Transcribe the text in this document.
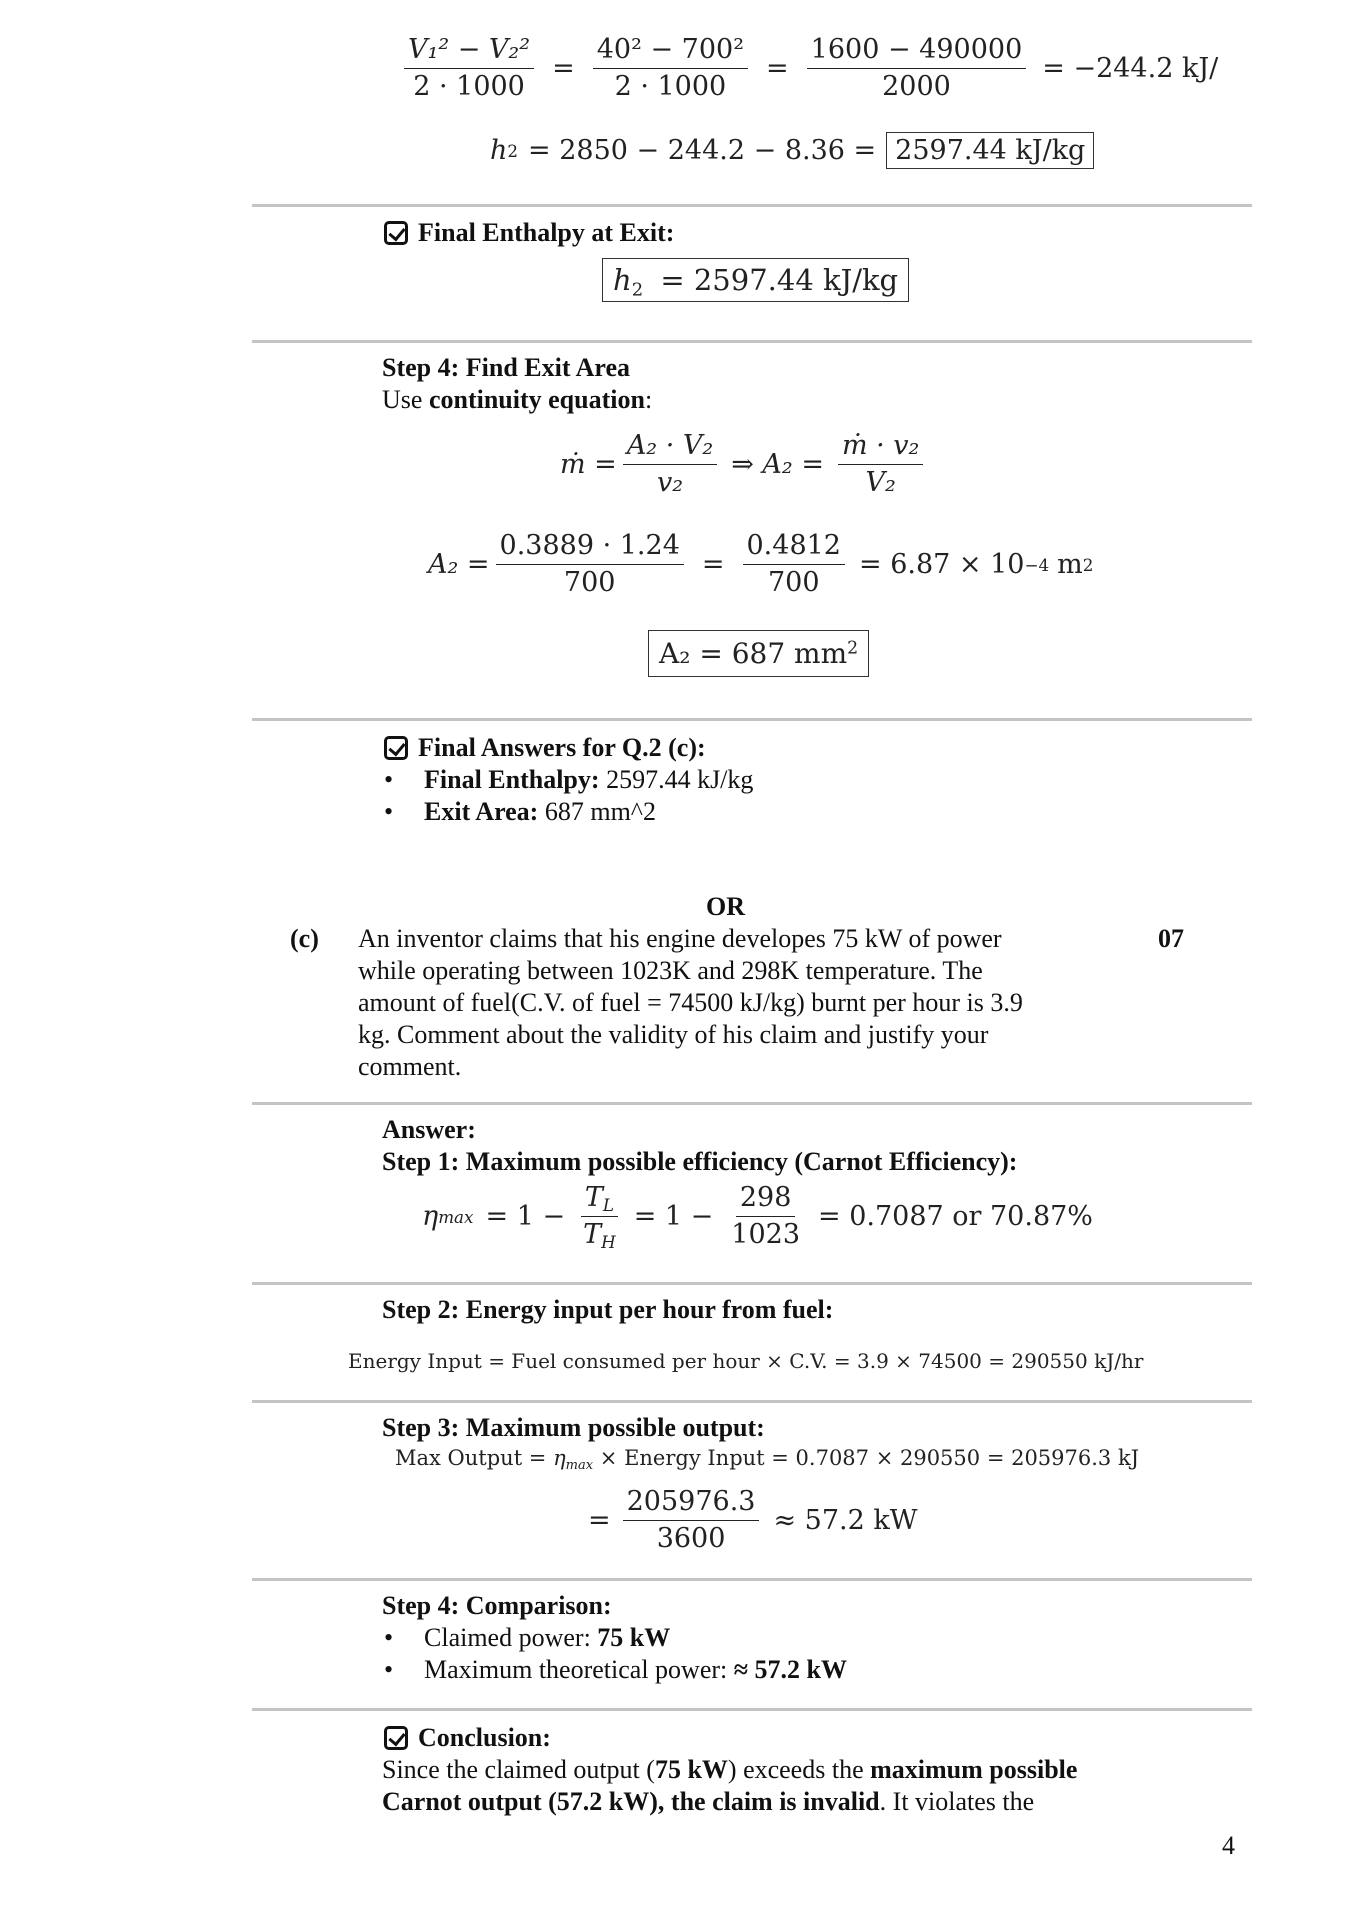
$\frac{\text{V₁² − V₂²}}{2 \cdot 1000} = \frac{\text{40² − 700²}}{2 \cdot 1000} = \frac{1600 - 490000}{2000} = -244.2$ kJ/
h 2 = 2850 − 244.2 − 8.36 = 2597.44 kJ/kg
Final Enthalpy at Exit:
$h_2 = 2597.44$ kJ/kg
Step 4: Find Exit Area
Use continuity equation:
ṁ = $\frac{\text{A₂ · V₂}}{\text{v₂}}$ ⇒ $A_2 = \frac{\text{ṁ · v₂}}{\text{V₂}}$
$A_2 = \frac{0.3889 \cdot 1.24}{700} = \frac{0.4812}{700} = 6.87 \times 10 -4$ m 2
A₂ = 687 $mm^2$
Final Answers for Q.2 (c):
• Final Enthalpy: 2597.44 kJ/kg
• Exit Area: 687 mm^2
OR
(c)	07
An inventor claims that his engine developes 75 kW of power
while operating between 1023K and 298K temperature. The
amount of fuel(C.V. of fuel = 74500 kJ/kg) burnt per hour is 3.9
kg. Comment about the validity of his claim and justify your
comment.
Answer:
Step 1: Maximum possible efficiency (Carnot Efficiency):
η $\max = 1 - \frac{T_L}{T_H} = 1 - \frac{298}{1023} = 0.7087$ or 70.87%
Step 2: Energy input per hour from fuel:
Energy Input = Fuel consumed per hour × C.V. = 3.9 × 74500 = 290550 kJ/hr
Step 3: Maximum possible output:
Max Output = $\eta_{max}$ × Energy Input = 0.7087 × 290550 = 205976.3 kJ
= $\frac{205976.3}{3600} \approx 57.2$ kW
Step 4: Comparison:
• Claimed power: 75 kW
• Maximum theoretical power: ≈ 57.2 kW
Conclusion:
Since the claimed output (75 kW) exceeds the maximum possible
Carnot output (57.2 kW), the claim is invalid. It violates the
4
